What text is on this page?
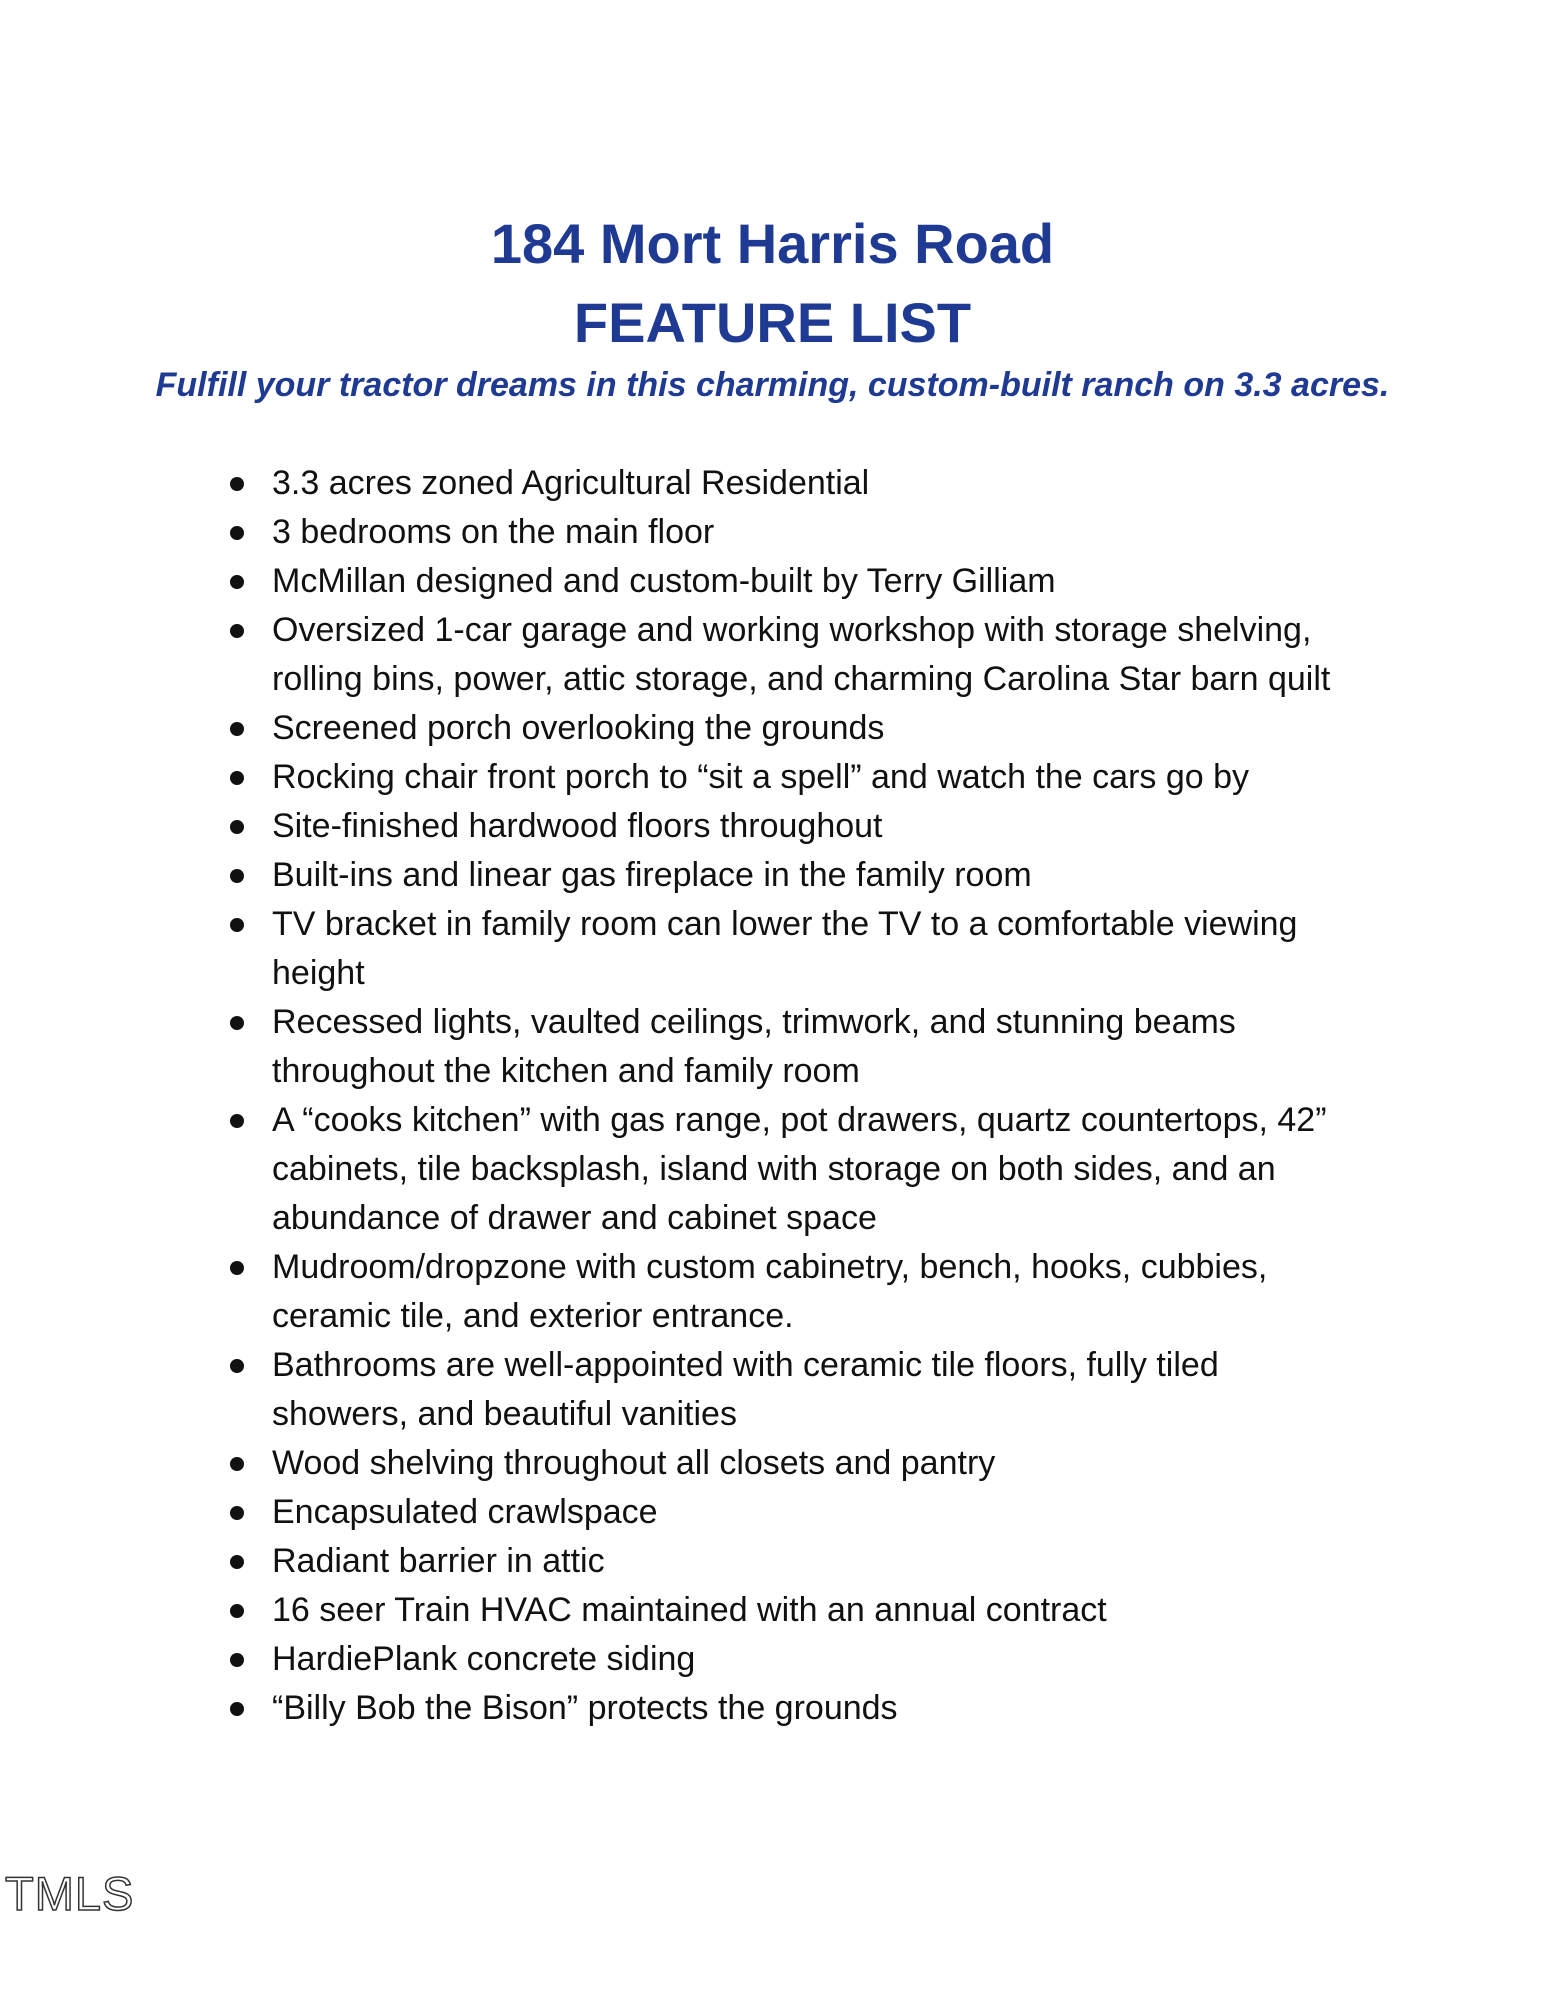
184 Mort Harris Road
FEATURE LIST

Fulfill your tractor dreams in this charming, custom-built ranch on 3.3 acres.

3.3 acres zoned Agricultural Residential
3 bedrooms on the main floor
McMillan designed and custom-built by Terry Gilliam
Oversized 1-car garage and working workshop with storage shelving, rolling bins, power, attic storage, and charming Carolina Star barn quilt
Screened porch overlooking the grounds
Rocking chair front porch to “sit a spell” and watch the cars go by
Site-finished hardwood floors throughout
Built-ins and linear gas fireplace in the family room
TV bracket in family room can lower the TV to a comfortable viewing height
Recessed lights, vaulted ceilings, trimwork, and stunning beams throughout the kitchen and family room
A “cooks kitchen” with gas range, pot drawers, quartz countertops, 42” cabinets, tile backsplash, island with storage on both sides, and an abundance of drawer and cabinet space
Mudroom/dropzone with custom cabinetry, bench, hooks, cubbies, ceramic tile, and exterior entrance.
Bathrooms are well-appointed with ceramic tile floors, fully tiled showers, and beautiful vanities
Wood shelving throughout all closets and pantry
Encapsulated crawlspace
Radiant barrier in attic
16 seer Train HVAC maintained with an annual contract
HardiePlank concrete siding
“Billy Bob the Bison” protects the grounds
TMLS
